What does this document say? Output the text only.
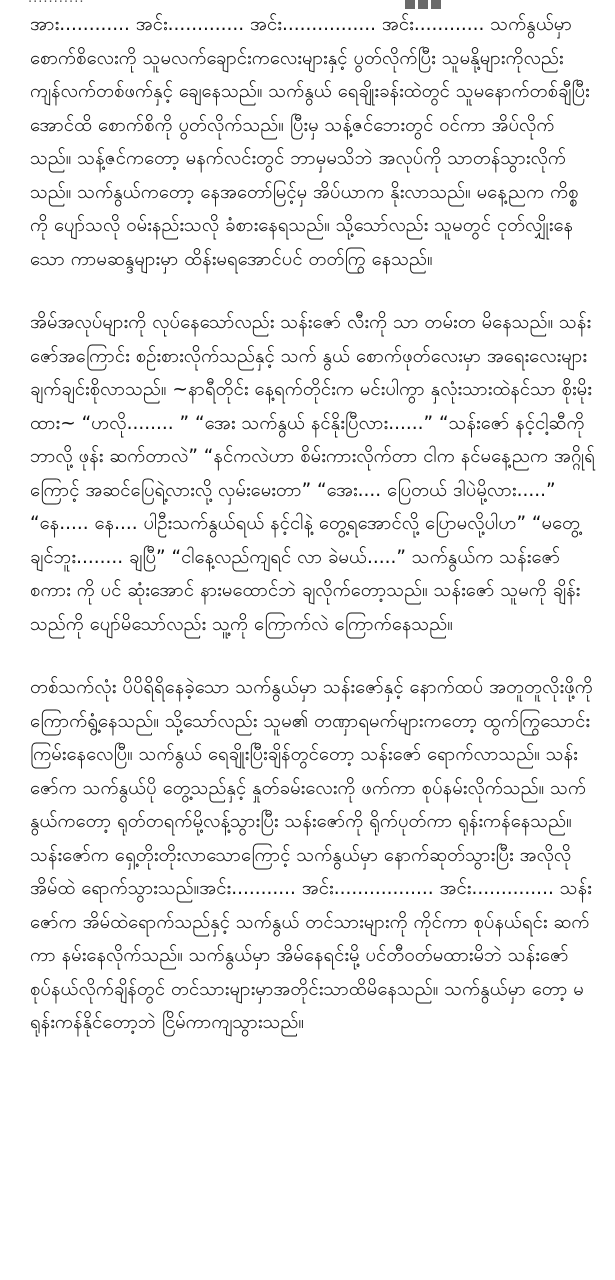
အား............ အင်း............. အင်း................ အင်း............ သက်နွယ်မှာ စောက်စိလေးကို သူမလက်ချောင်းကလေးများနှင့် ပွတ်လိုက်ပြီး သူမနို့များကိုလည်း ကျန်လက်တစ်ဖက်နှင့် ချေနေသည်။ သက်နွယ် ရေချိုးခန်းထဲတွင် သူမနောက်တစ်ချီပြီးအောင်ထိ စောက်စိကို ပွတ်လိုက်သည်။ ပြီးမှ သန့်ဇင်ဘေးတွင် ဝင်ကာ အိပ်လိုက်သည်။ သန့်ဇင်ကတော့ မနက်လင်းတွင် ဘာမှမသိဘဲ အလုပ်ကို သာတန်သွားလိုက်သည်။ သက်နွယ်ကတော့ နေအတော်မြင့်မှ အိပ်ယာက နိုးလာသည်။ မနေ့ညက ကိစ္စကို ပျော်သလို ဝမ်းနည်းသလို ခံစားနေရသည်။ သို့သော်လည်း သူမတွင် ငုတ်လျှိုးနေသော ကာမဆန္ဒများမှာ ထိန်းမရအောင်ပင် တတ်ကြွ နေသည်။

အိမ်အလုပ်များကို လုပ်နေသော်လည်း သန်းဇော် လီးကို သာ တမ်းတ မိနေသည်။ သန်းဇော်အကြောင်း စဉ်းစားလိုက်သည်နှင့် သက် နွယ် စောက်ဖုတ်လေးမှာ အရေးလေးများ ချက်ချင်းစိုလာသည်။ ~နာရီတိုင်း နေ့ရက်တိုင်းက မင်းပါကွာ နှလုံးသားထဲနင်သာ စိုးမိုး ထား~ “ဟလို........ ” “အေး သက်နွယ် နင်နိုးပြီလား......” “သန်းဇော် နင့်ငါ့ဆီကို ဘာလို့ ဖုန်း ဆက်တာလဲ” “နင်ကလဲဟာ စိမ်းကားလိုက်တာ ငါက နင်မနေ့ညက အဂ္ဂိုရ်ကြောင့် အဆင်ပြေရဲ့လားလို့ လှမ်းမေးတာ” “အေး.... ပြေတယ် ဒါပဲမို့လား.....” “နေ..... နေ.... ပါဦးသက်နွယ်ရယ် နင့်ငါနဲ့ တွေ့ရအောင်လို့ ပြောမလို့ပါဟ” “မတွေ့ချင်ဘူး........ ချပြီ” “ငါနေ့လည်ကျရင် လာ ခဲမယ်.....” သက်နွယ်က သန်းဇော်စကား ကို ပင် ဆုံးအောင် နားမထောင်ဘဲ ချလိုက်တော့သည်။ သန်းဇော် သူမကို ချိန်းသည်ကို ပျော်မိသော်လည်း သူ့ကို ကြောက်လဲ ကြောက်နေသည်။

တစ်သက်လုံး ပိပိရိရိနေခဲ့သော သက်နွယ်မှာ သန်းဇော်နှင့် နောက်ထပ် အတူတူလိုးဖို့ကို ကြောက်ရွံ့နေသည်။ သို့သော်လည်း သူမ၏ တဏှာရမက်များကတော့ ထွက်ကြွသောင်း ကြမ်းနေလေပြီ။ သက်နွယ် ရေချိုးပြီးချိန်တွင်တော့ သန်းဇော် ရောက်လာသည်။ သန်းဇော်က သက်နွယ်ပို တွေ့သည်နှင့် နှုတ်ခမ်းလေးကို ဖက်ကာ စုပ်နမ်းလိုက်သည်။ သက်နွယ်ကတော့ ရုတ်တရက်မို့လန့်သွားပြီး သန်းဇော်ကို ရိုက်ပုတ်ကာ ရုန်းကန်နေသည်။ သန်းဇော်က ရှေ့တိုးတိုးလာသောကြောင့် သက်နွယ်မှာ နောက်ဆုတ်သွားပြီး အလိုလိုအိမ်ထဲ ရောက်သွားသည်။အင်း........... အင်း................. အင်း.............. သန်းဇော်က အိမ်ထဲရောက်သည်နှင့် သက်နွယ် တင်သားများကို ကိုင်ကာ စုပ်နယ်ရင်း ဆက်ကာ နမ်းနေလိုက်သည်။ သက်နွယ်မှာ အိမ်နေရင်းမို့ ပင်တီဝတ်မထားမိဘဲ သန်းဇော် စုပ်နယ်လိုက်ချိန်တွင် တင်သားများမှာအတိုင်းသာထိမိနေသည်။ သက်နွယ်မှာ တော့ မရုန်းကန်နိုင်တော့ဘဲ ငြိမ်ကာကျသွားသည်။
